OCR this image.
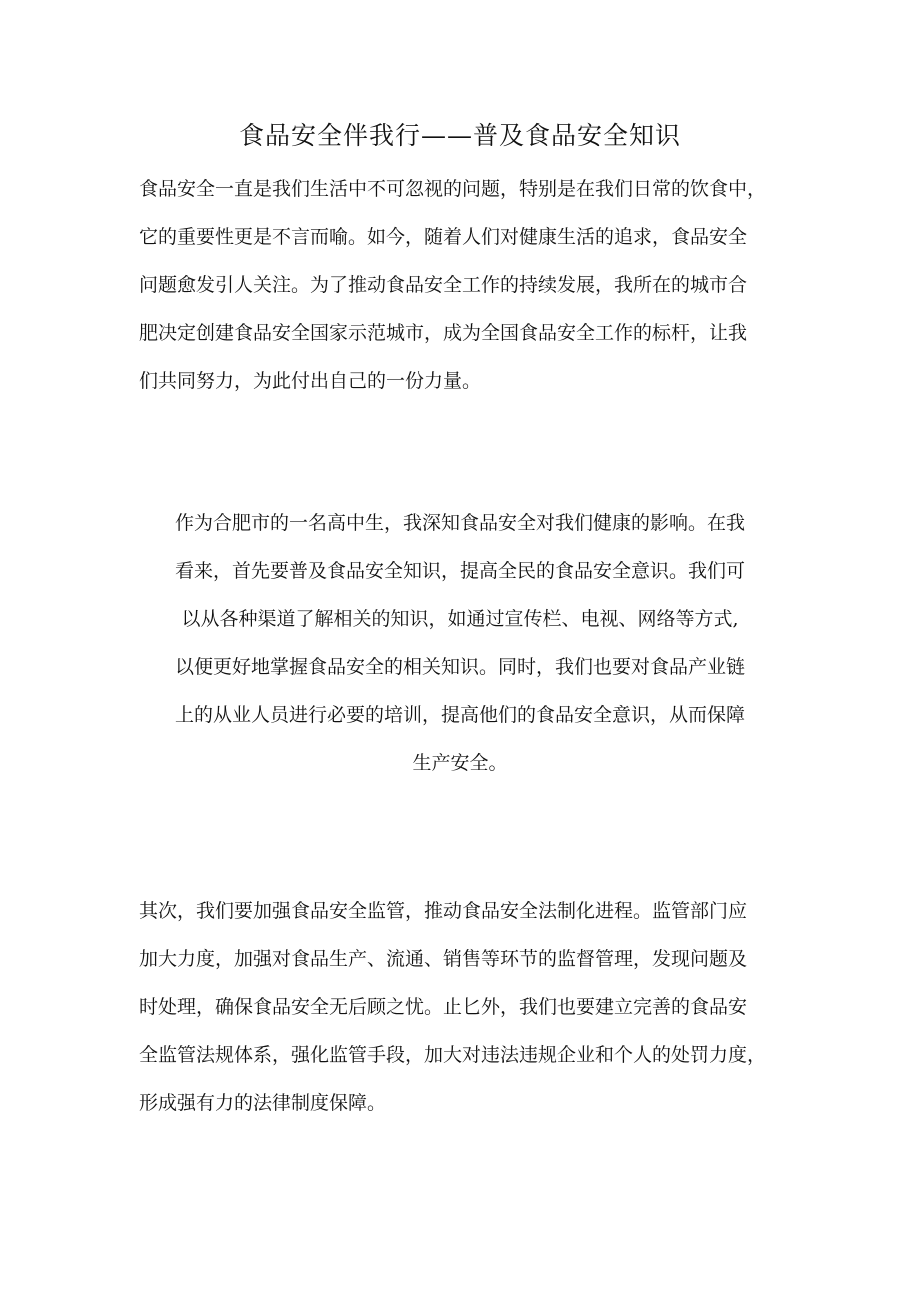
食品安全伴我行——普及食品安全知识
食品安全一直是我们生活中不可忽视的问题，特别是在我们日常的饮食中，
它的重要性更是不言而喻。如今，随着人们对健康生活的追求，食品安全
问题愈发引人关注。为了推动食品安全工作的持续发展，我所在的城市合
肥决定创建食品安全国家示范城市，成为全国食品安全工作的标杆，让我
们共同努力，为此付出自己的一份力量。
作为合肥市的一名高中生，我深知食品安全对我们健康的影响。在我
看来，首先要普及食品安全知识，提高全民的食品安全意识。我们可
以从各种渠道了解相关的知识，如通过宣传栏、电视、网络等方式,
以便更好地掌握食品安全的相关知识。同时，我们也要对食品产业链
上的从业人员进行必要的培训，提高他们的食品安全意识，从而保障
生产安全。
其次，我们要加强食品安全监管，推动食品安全法制化进程。监管部门应
加大力度，加强对食品生产、流通、销售等环节的监督管理，发现问题及
时处理，确保食品安全无后顾之忧。止匕外，我们也要建立完善的食品安
全监管法规体系，强化监管手段，加大对违法违规企业和个人的处罚力度，
形成强有力的法律制度保障。
